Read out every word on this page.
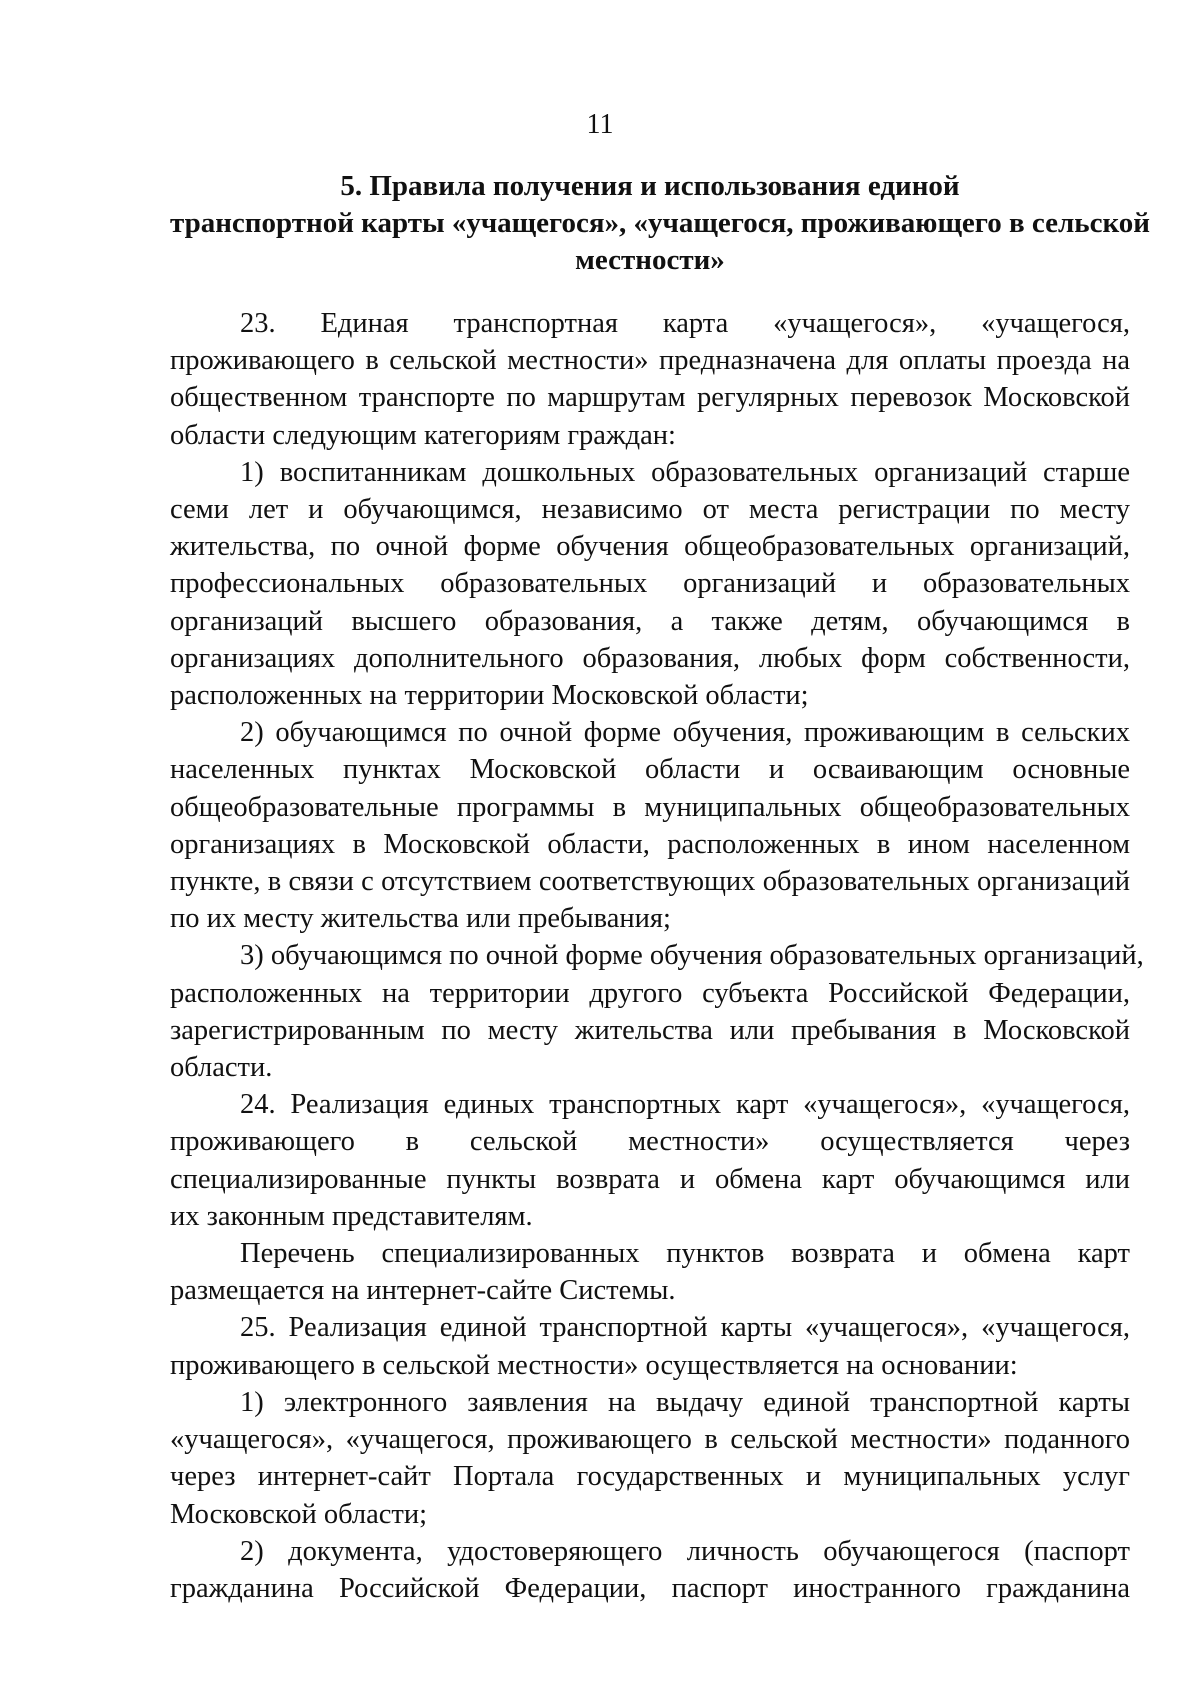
11
5. Правила получения и использования единой
транспортной карты «учащегося», «учащегося, проживающего в сельской
местности»
23. Единая транспортная карта «учащегося», «учащегося,
проживающего в сельской местности» предназначена для оплаты проезда на
общественном транспорте по маршрутам регулярных перевозок Московской
области следующим категориям граждан:
1) воспитанникам дошкольных образовательных организаций старше
семи лет и обучающимся, независимо от места регистрации по месту
жительства, по очной форме обучения общеобразовательных организаций,
профессиональных образовательных организаций и образовательных
организаций высшего образования, а также детям, обучающимся в
организациях дополнительного образования, любых форм собственности,
расположенных на территории Московской области;
2) обучающимся по очной форме обучения, проживающим в сельских
населенных пунктах Московской области и осваивающим основные
общеобразовательные программы в муниципальных общеобразовательных
организациях в Московской области, расположенных в ином населенном
пункте, в связи с отсутствием соответствующих образовательных организаций
по их месту жительства или пребывания;
3) обучающимся по очной форме обучения образовательных организаций,
расположенных на территории другого субъекта Российской Федерации,
зарегистрированным по месту жительства или пребывания в Московской
области.
24. Реализация единых транспортных карт «учащегося», «учащегося,
проживающего в сельской местности» осуществляется через
специализированные пункты возврата и обмена карт обучающимся или
их законным представителям.
Перечень специализированных пунктов возврата и обмена карт
размещается на интернет-сайте Системы.
25. Реализация единой транспортной карты «учащегося», «учащегося,
проживающего в сельской местности» осуществляется на основании:
1) электронного заявления на выдачу единой транспортной карты
«учащегося», «учащегося, проживающего в сельской местности» поданного
через интернет-сайт Портала государственных и муниципальных услуг
Московской области;
2) документа, удостоверяющего личность обучающегося (паспорт
гражданина Российской Федерации, паспорт иностранного гражданина
